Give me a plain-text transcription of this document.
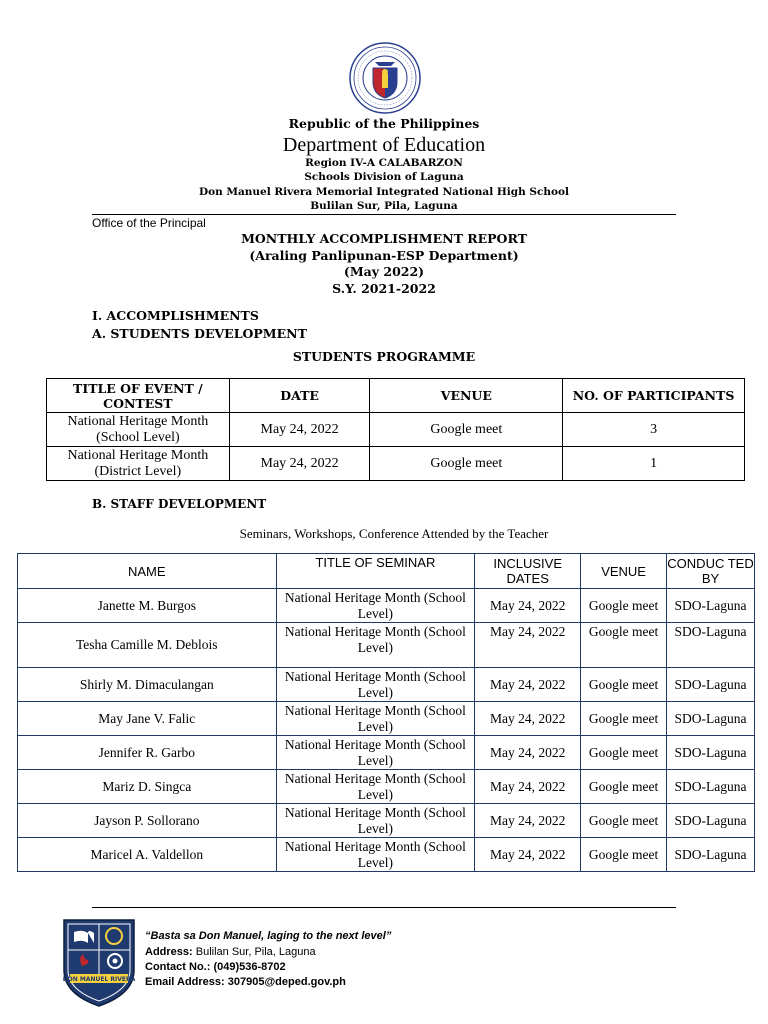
Republic of the Philippines
Department of Education
Region IV-A CALABARZON
Schools Division of Laguna
Don Manuel Rivera Memorial Integrated National High School
Bulilan Sur, Pila, Laguna
Office of the Principal
MONTHLY ACCOMPLISHMENT REPORT
(Araling Panlipunan-ESP Department)
(May 2022)
S.Y. 2021-2022
I. ACCOMPLISHMENTS
A. STUDENTS DEVELOPMENT
STUDENTS PROGRAMME
TITLE OF EVENT / CONTEST	DATE	VENUE	NO. OF PARTICIPANTS
National Heritage Month (School Level)	May 24, 2022	Google meet	3
National Heritage Month (District Level)	May 24, 2022	Google meet	1
B. STAFF DEVELOPMENT
Seminars, Workshops, Conference Attended by the Teacher
NAME	TITLE OF SEMINAR	INCLUSIVE DATES	VENUE	CONDUC TED BY
Janette M. Burgos	National Heritage Month (School Level)	May 24, 2022	Google meet	SDO-Laguna
Tesha Camille M. Deblois	National Heritage Month (School Level)	May 24, 2022	Google meet	SDO-Laguna
Shirly M. Dimaculangan	National Heritage Month (School Level)	May 24, 2022	Google meet	SDO-Laguna
May Jane V. Falic	National Heritage Month (School Level)	May 24, 2022	Google meet	SDO-Laguna
Jennifer R. Garbo	National Heritage Month (School Level)	May 24, 2022	Google meet	SDO-Laguna
Mariz D. Singca	National Heritage Month (School Level)	May 24, 2022	Google meet	SDO-Laguna
Jayson P. Sollorano	National Heritage Month (School Level)	May 24, 2022	Google meet	SDO-Laguna
Maricel A. Valdellon	National Heritage Month (School Level)	May 24, 2022	Google meet	SDO-Laguna
DON MANUEL RIVERA
“Basta sa Don Manuel, laging to the next level”
Address: Bulilan Sur, Pila, Laguna
Contact No.: (049)536-8702
Email Address: 307905@deped.gov.ph
